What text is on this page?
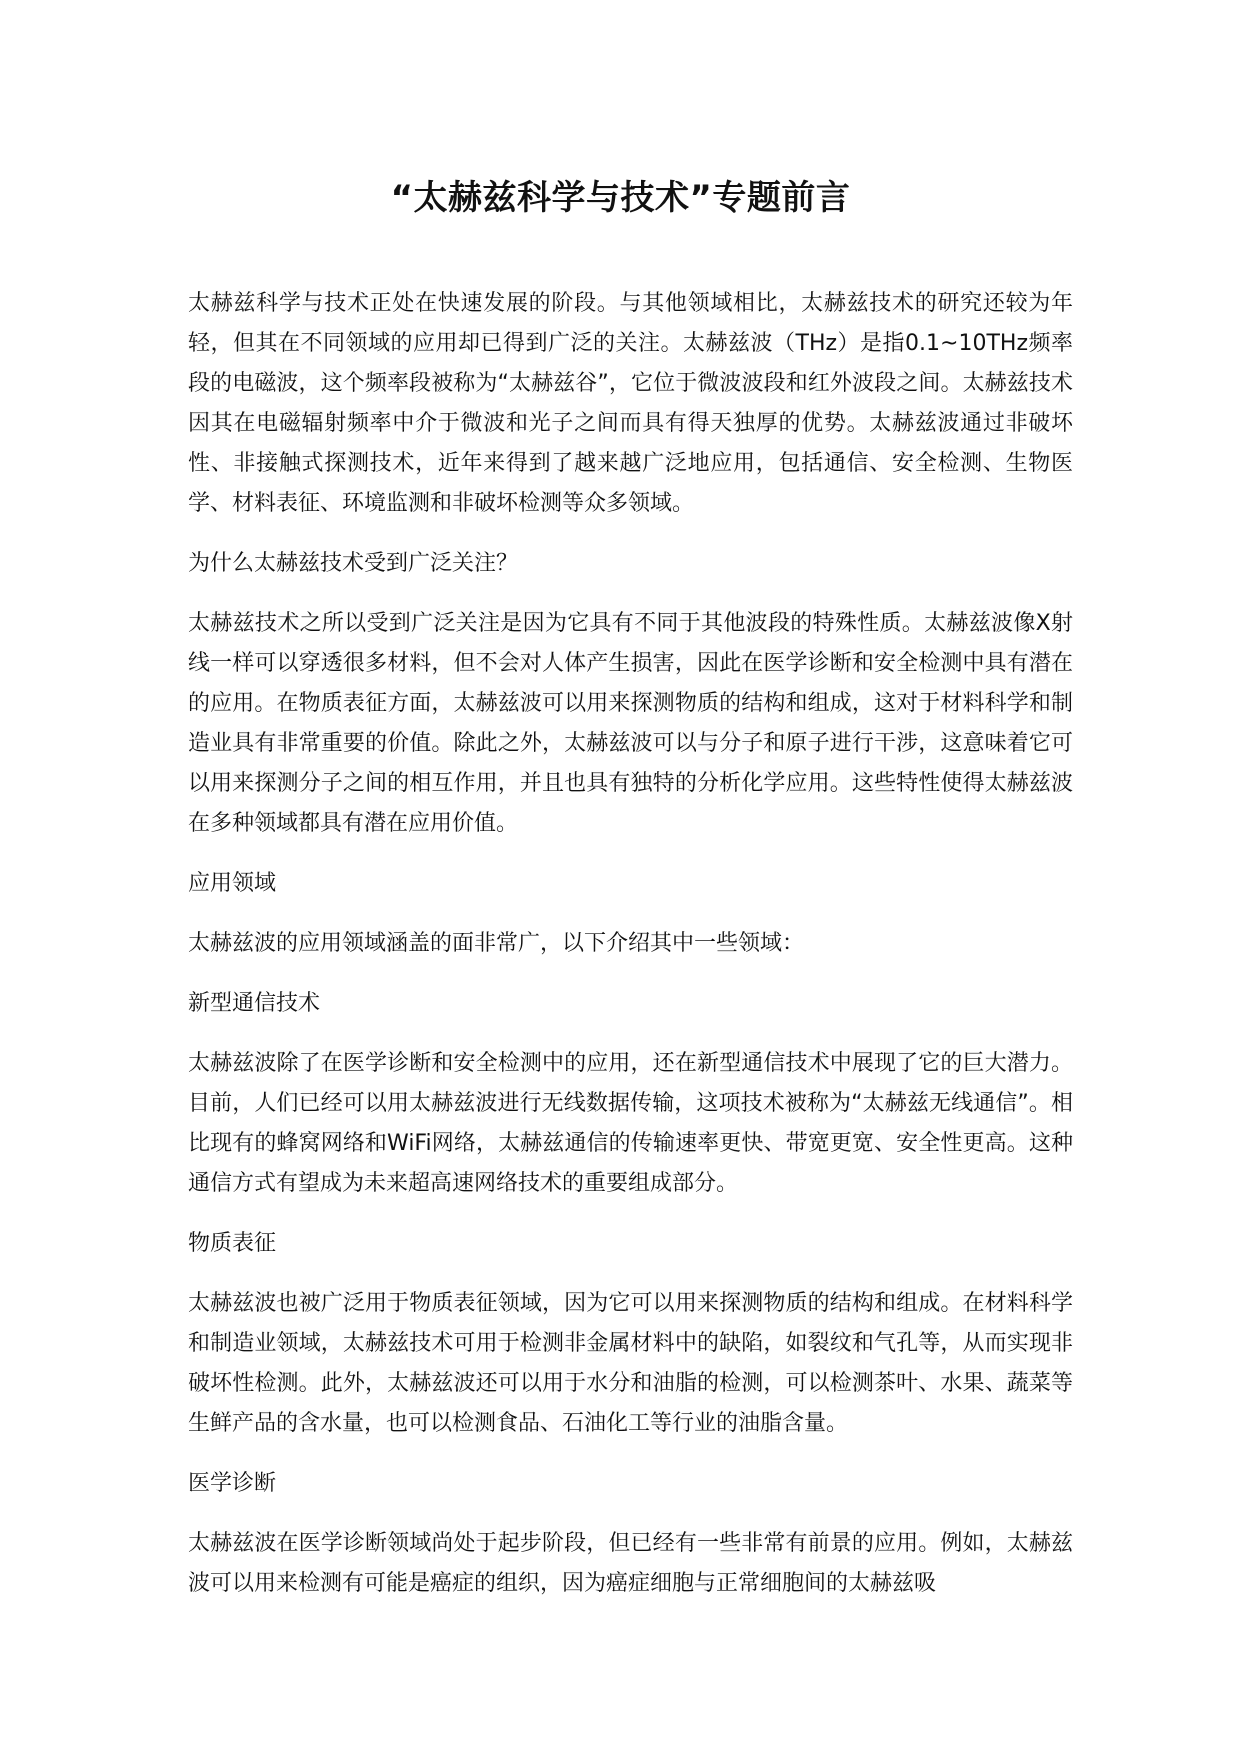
“太赫兹科学与技术”专题前言

太赫兹科学与技术正处在快速发展的阶段。与其他领域相比，太赫兹技术的研究还较为年轻，但其在不同领域的应用却已得到广泛的关注。太赫兹波（THz）是指0.1~10THz频率段的电磁波，这个频率段被称为“太赫兹谷”，它位于微波波段和红外波段之间。太赫兹技术因其在电磁辐射频率中介于微波和光子之间而具有得天独厚的优势。太赫兹波通过非破坏性、非接触式探测技术，近年来得到了越来越广泛地应用，包括通信、安全检测、生物医学、材料表征、环境监测和非破坏检测等众多领域。

为什么太赫兹技术受到广泛关注？

太赫兹技术之所以受到广泛关注是因为它具有不同于其他波段的特殊性质。太赫兹波像X射线一样可以穿透很多材料，但不会对人体产生损害，因此在医学诊断和安全检测中具有潜在的应用。在物质表征方面，太赫兹波可以用来探测物质的结构和组成，这对于材料科学和制造业具有非常重要的价值。除此之外，太赫兹波可以与分子和原子进行干涉，这意味着它可以用来探测分子之间的相互作用，并且也具有独特的分析化学应用。这些特性使得太赫兹波在多种领域都具有潜在应用价值。

应用领域

太赫兹波的应用领域涵盖的面非常广，以下介绍其中一些领域：

新型通信技术

太赫兹波除了在医学诊断和安全检测中的应用，还在新型通信技术中展现了它的巨大潜力。目前，人们已经可以用太赫兹波进行无线数据传输，这项技术被称为“太赫兹无线通信”。相比现有的蜂窝网络和WiFi网络，太赫兹通信的传输速率更快、带宽更宽、安全性更高。这种通信方式有望成为未来超高速网络技术的重要组成部分。

物质表征

太赫兹波也被广泛用于物质表征领域，因为它可以用来探测物质的结构和组成。在材料科学和制造业领域，太赫兹技术可用于检测非金属材料中的缺陷，如裂纹和气孔等，从而实现非破坏性检测。此外，太赫兹波还可以用于水分和油脂的检测，可以检测茶叶、水果、蔬菜等生鲜产品的含水量，也可以检测食品、石油化工等行业的油脂含量。

医学诊断

太赫兹波在医学诊断领域尚处于起步阶段，但已经有一些非常有前景的应用。例如，太赫兹波可以用来检测有可能是癌症的组织，因为癌症细胞与正常细胞间的太赫兹吸
